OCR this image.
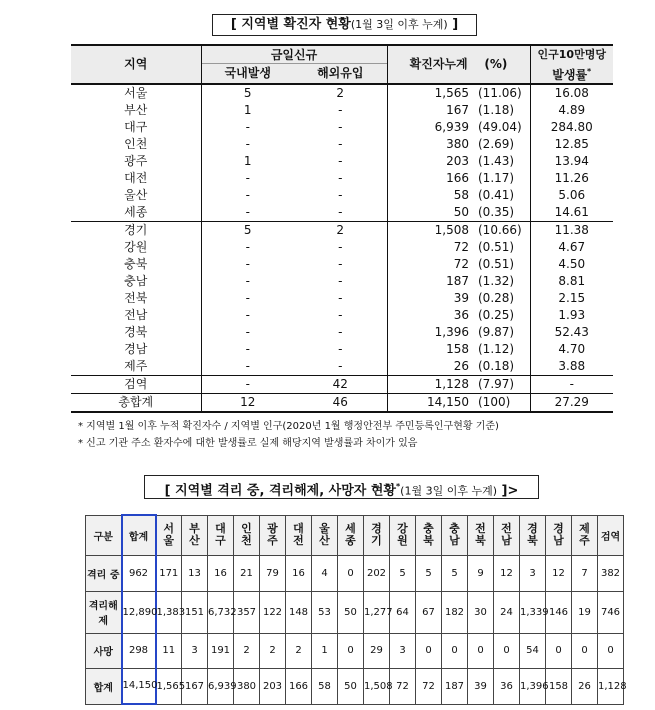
[ 지역별 확진자 현황(1월 3일 이후 누계) ]
지역	금일신규		확진자누계 (%)		인구10만명당
	국내발생	해외유입			발생률*
서울	5	2	1,565	(11.06)	16.08
부산	1	-	167	(1.18)	4.89
대구	-	-	6,939	(49.04)	284.80
인천	-	-	380	(2.69)	12.85
광주	1	-	203	(1.43)	13.94
대전	-	-	166	(1.17)	11.26
울산	-	-	58	(0.41)	5.06
세종	-	-	50	(0.35)	14.61
경기	5	2	1,508	(10.66)	11.38
강원	-	-	72	(0.51)	4.67
충북	-	-	72	(0.51)	4.50
충남	-	-	187	(1.32)	8.81
전북	-	-	39	(0.28)	2.15
전남	-	-	36	(0.25)	1.93
경북	-	-	1,396	(9.87)	52.43
경남	-	-	158	(1.12)	4.70
제주	-	-	26	(0.18)	3.88
검역	-	42	1,128	(7.97)	-
총합계	12	46	14,150	(100)	27.29
* 지역별 1월 이후 누적 확진자수 / 지역별 인구(2020년 1월 행정안전부 주민등록인구현황 기준)
* 신고 기관 주소 환자수에 대한 발생률로 실제 해당지역 발생률과 차이가 있음
[ 지역별 격리 중, 격리해제, 사망자 현황*(1월 3일 이후 누계) ]>
구분	합계	서울	부산	대구	인천	광주	대전	울산	세종	경기	강원	충북	충남	전북	전남	경북	경남	제주	검역
격리 중	962	171	13	16	21	79	16	4	0	202	5	5	5	9	12	3	12	7	382
격리해제	12,890	1,383	151	6,732	357	122	148	53	50	1,277	64	67	182	30	24	1,339	146	19	746
사망	298	11	3	191	2	2	2	1	0	29	3	0	0	0	0	54	0	0	0
합계	14,150	1,565	167	6,939	380	203	166	58	50	1,508	72	72	187	39	36	1,396	158	26	1,128
